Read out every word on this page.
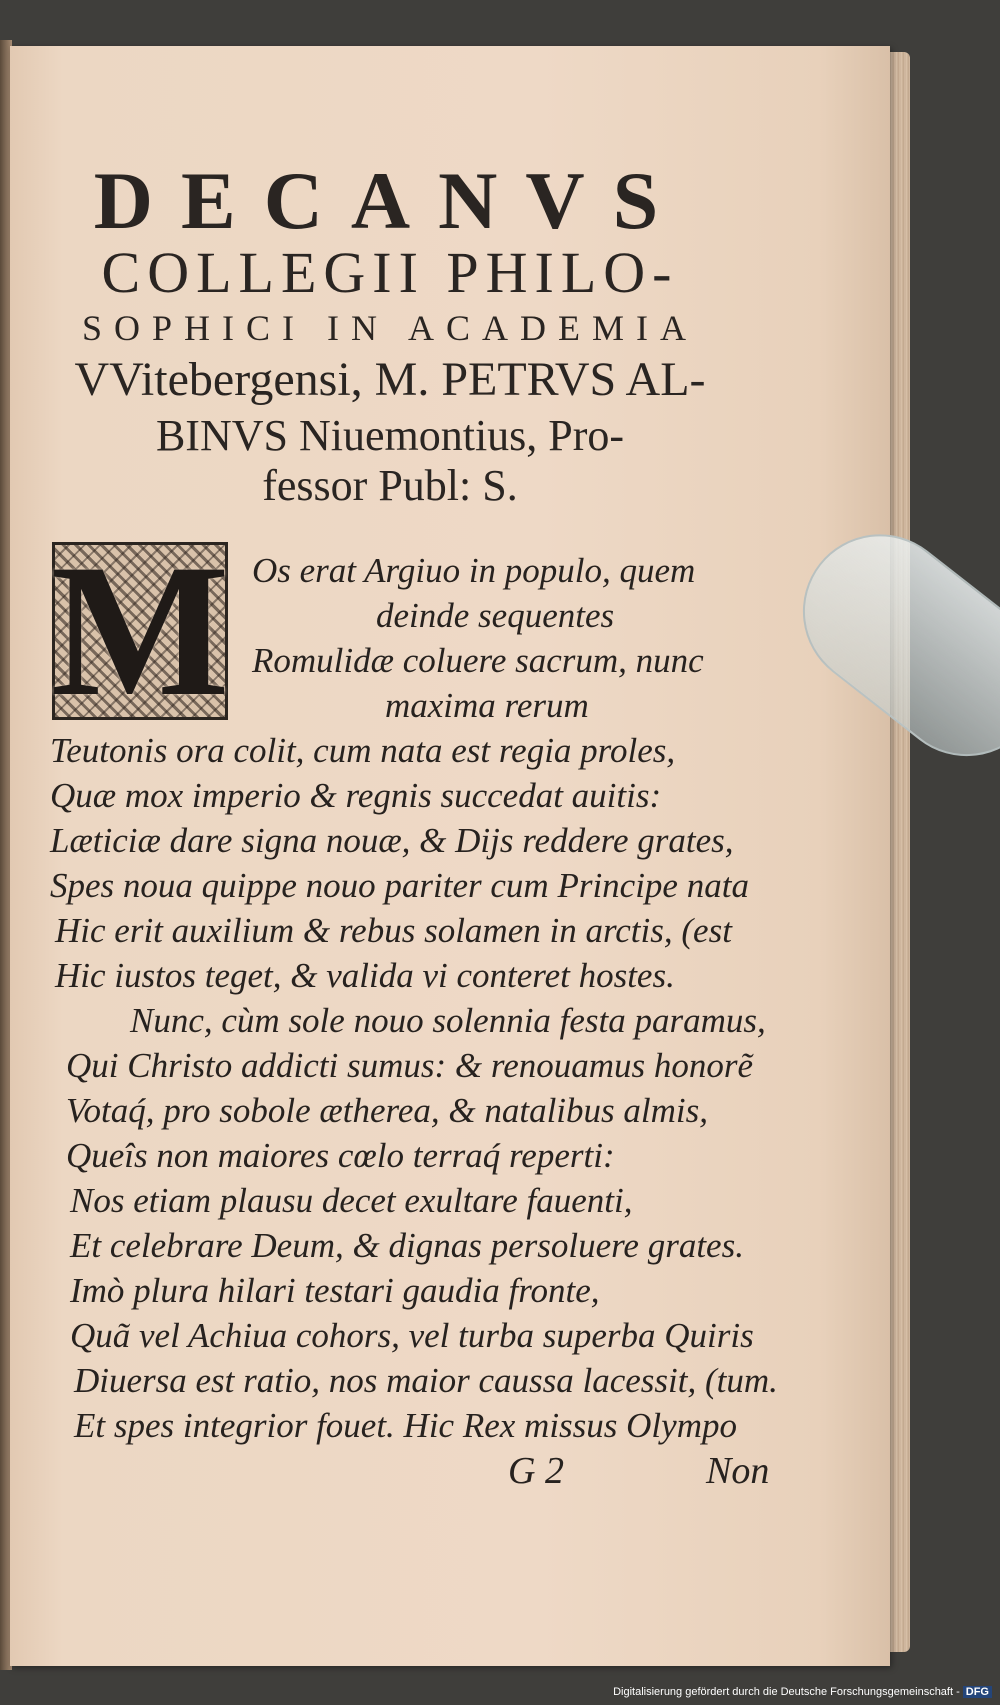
DECANVS
COLLEGII PHILO-
SOPHICI IN ACADEMIA
VVitebergensi, M. PETRVS AL-
BINVS Niuemontius, Pro-
fessor Publ: S.
M Os erat Argiuo in populo, quem
deinde sequentes
Romulidæ coluere sacrum, nunc
maxima rerum
Teutonis ora colit, cum nata est regia proles,
Quæ mox imperio & regnis succedat auitis:
Læticiæ dare signa nouæ, & Dijs reddere grates,
Spes noua quippe nouo pariter cum Principe nata
Hic erit auxilium & rebus solamen in arctis, (est
Hic iustos teget, & valida vi conteret hostes.
Nunc, cùm sole nouo solennia festa paramus,
Qui Christo addicti sumus: & renouamus honorẽ
Votaq́, pro sobole ætherea, & natalibus almis,
Queîs non maiores cœlo terraq́ reperti:
Nos etiam plausu decet exultare fauenti,
Et celebrare Deum, & dignas persoluere grates.
Imò plura hilari testari gaudia fronte,
Quã vel Achiua cohors, vel turba superba Quiris
Diuersa est ratio, nos maior caussa lacessit, (tum.
Et spes integrior fouet. Hic Rex missus Olympo
G 2	Non
Digitalisierung gefördert durch die Deutsche Forschungsgemeinschaft - DFG
